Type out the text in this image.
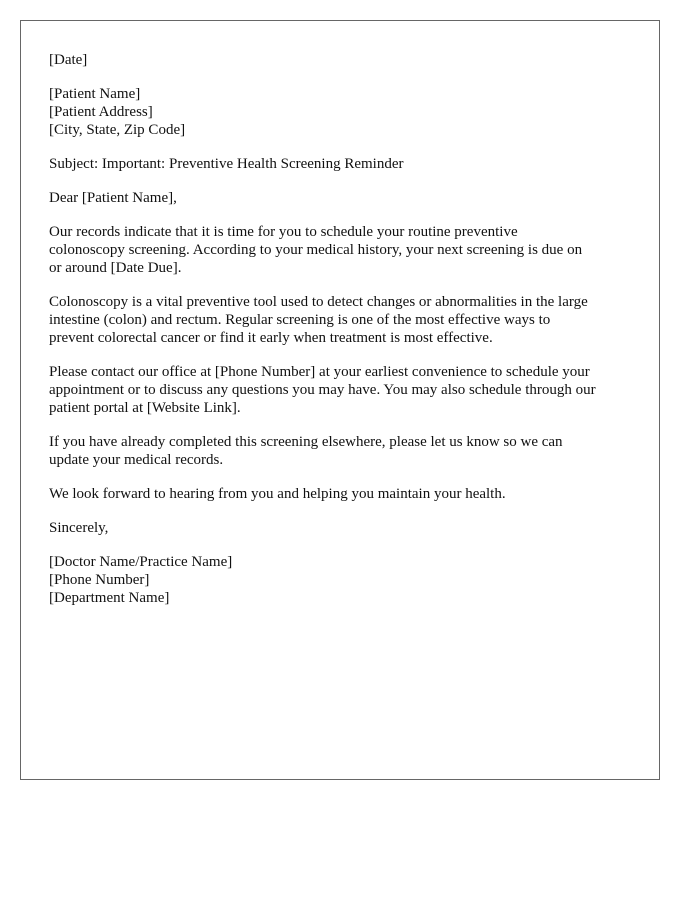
[Date]

[Patient Name]
[Patient Address]
[City, State, Zip Code]

Subject: Important: Preventive Health Screening Reminder

Dear [Patient Name],

Our records indicate that it is time for you to schedule your routine preventive
colonoscopy screening. According to your medical history, your next screening is due on
or around [Date Due].

Colonoscopy is a vital preventive tool used to detect changes or abnormalities in the large
intestine (colon) and rectum. Regular screening is one of the most effective ways to
prevent colorectal cancer or find it early when treatment is most effective.

Please contact our office at [Phone Number] at your earliest convenience to schedule your
appointment or to discuss any questions you may have. You may also schedule through our
patient portal at [Website Link].

If you have already completed this screening elsewhere, please let us know so we can
update your medical records.

We look forward to hearing from you and helping you maintain your health.

Sincerely,

[Doctor Name/Practice Name]
[Phone Number]
[Department Name]
